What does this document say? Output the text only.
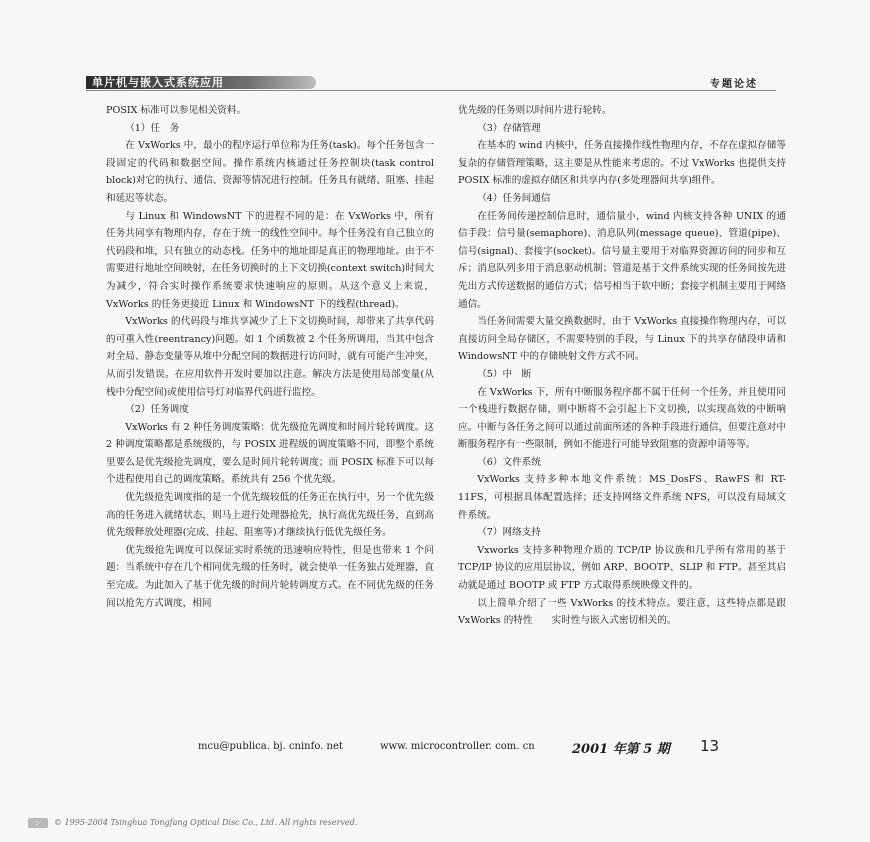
单片机与嵌入式系统应用	专题论述

POSIX 标准可以参见相关资料。

（1）任　务

在 VxWorks 中，最小的程序运行单位称为任务(task)。每个任务包含一段固定的代码和数据空间。操作系统内核通过任务控制块(task control block)对它的执行、通信、资源等情况进行控制。任务具有就绪、阻塞、挂起和延迟等状态。

与 Linux 和 WindowsNT 下的进程不同的是：在 VxWorks 中，所有任务共同享有物理内存，存在于统一的线性空间中。每个任务没有自己独立的代码段和堆，只有独立的动态栈。任务中的地址即是真正的物理地址。由于不需要进行地址空间映射，在任务切换时的上下文切换(context switch)时间大为减少，符合实时操作系统要求快速响应的原则。从这个意义上来说，VxWorks 的任务更接近 Linux 和 WindowsNT 下的线程(thread)。

VxWorks 的代码段与堆共享减少了上下文切换时间，却带来了共享代码的可重入性(reentrancy)问题。如 1 个函数被 2 个任务所调用，当其中包含对全局、静态变量等从堆中分配空间的数据进行访问时，就有可能产生冲突，从而引发错误。在应用软件开发时要加以注意。解决方法是使用局部变量(从栈中分配空间)或使用信号灯对临界代码进行监控。

（2）任务调度

VxWorks 有 2 种任务调度策略：优先级抢先调度和时间片轮转调度。这 2 种调度策略都是系统级的，与 POSIX 进程级的调度策略不同，即整个系统里要么是优先级抢先调度，要么是时间片轮转调度；而 POSIX 标准下可以每个进程使用自己的调度策略。系统共有 256 个优先级。

优先级抢先调度指的是一个优先级较低的任务正在执行中，另一个优先级高的任务进入就绪状态，则马上进行处理器抢先，执行高优先级任务，直到高优先级释放处理器(完成、挂起、阻塞等)才继续执行低优先级任务。

优先级抢先调度可以保证实时系统的迅速响应特性，但是也带来 1 个问题：当系统中存在几个相同优先级的任务时，就会使单一任务独占处理器，直至完成。为此加入了基于优先级的时间片轮转调度方式。在不同优先级的任务间以抢先方式调度，相同

优先级的任务则以时间片进行轮转。

（3）存储管理

在基本的 wind 内核中，任务直接操作线性物理内存，不存在虚拟存储等复杂的存储管理策略，这主要是从性能来考虑的。不过 VxWorks 也提供支持 POSIX 标准的虚拟存储区和共享内存(多处理器间共享)组件。

（4）任务间通信

在任务间传递控制信息时，通信量小，wind 内核支持各种 UNIX 的通信手段：信号量(semaphore)、消息队列(message queue)、管道(pipe)、信号(signal)、套接字(socket)。信号量主要用于对临界资源访问的同步和互斥；消息队列多用于消息驱动机制；管道是基于文件系统实现的任务间按先进先出方式传送数据的通信方式；信号相当于软中断；套接字机制主要用于网络通信。

当任务间需要大量交换数据时，由于 VxWorks 直接操作物理内存，可以直接访问全局存储区，不需要特别的手段，与 Linux 下的共享存储段申请和 WindowsNT 中的存储映射文件方式不同。

（5）中　断

在 VxWorks 下，所有中断服务程序都不属于任何一个任务，并且使用同一个栈进行数据存储，则中断将不会引起上下文切换，以实现高效的中断响应。中断与各任务之间可以通过前面所述的各种手段进行通信，但要注意对中断服务程序有一些限制，例如不能进行可能导致阻塞的资源申请等等。

（6）文件系统

VxWorks 支持多种本地文件系统：MS_DosFS、RawFS 和 RT-11FS，可根据具体配置选择；还支持网络文件系统 NFS，可以没有局域文件系统。

（7）网络支持

Vxworks 支持多种物理介质的 TCP/IP 协议族和几乎所有常用的基于 TCP/IP 协议的应用层协议，例如 ARP、BOOTP、SLIP 和 FTP。甚至其启动就是通过 BOOTP 或 FTP 方式取得系统映像文件的。

以上简单介绍了一些 VxWorks 的技术特点。要注意，这些特点都是跟 VxWorks 的特性　　实时性与嵌入式密切相关的。

mcu@publica. bj. cninfo. net	www. microcontroller. com. cn	2001 年第 5 期 13
ン © 1995-2004 Tsinghua Tongfang Optical Disc Co., Ltd. All rights reserved.
